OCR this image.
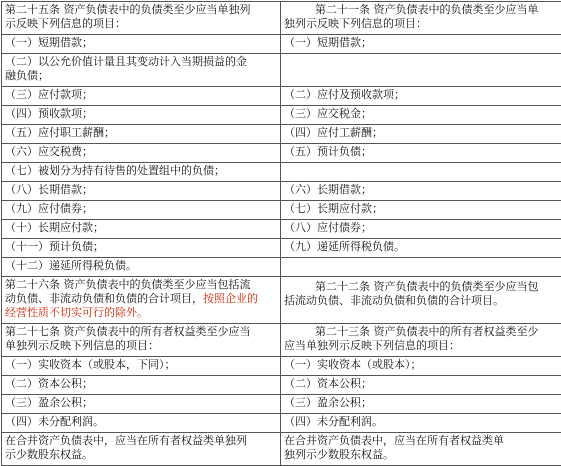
第二十五条 资产负债表中的负债类至少应当单独列
示反映下列信息的项目：	第二十一条 资产负债表中的负债类至少应当单
独列示反映下列信息的项目：

（一）短期借款；	（一）短期借款；

（二）以公允价值计量且其变动计入当期损益的金
融负债；	

（三）应付款项；	（二）应付及预收款项；

（四）预收款项；	（三）应交税金；

（五）应付职工薪酬；	（四）应付工薪酬；

（六）应交税费；	（五）预计负债；

（七）被划分为持有待售的处置组中的负债；	

（八）长期借款；	（六）长期借款；

（九）应付债券；	（七）长期应付款；

（十）长期应付款；	（八）应付债券；

（十一）预计负债；	（九）递延所得税负债。

（十二）递延所得税负债。	

第二十六条 资产负债表中的负债类至少应当包括流
动负债、非流动负债和负债的合计项目，按照企业的
经营性质不切实可行的除外。	第二十二条 资产负债表中的负债类至少应当包
括流动负债、非流动负债和负债的合计项目。

第二十七条 资产负债表中的所有者权益类至少应当
单独列示反映下列信息的项目：	第二十三条 资产负债表中的所有者权益类至少
应当单独列示反映下列信息的项目：

（一）实收资本（或股本，下同）；	（一）实收资本（或股本）；

（二）资本公积；	（二）资本公积；

（三）盈余公积；	（三）盈余公积；

（四）未分配利润。	（四）未分配利润。

在合并资产负债表中，应当在所有者权益类单独列
示少数股东权益。	在合并资产负债表中，应当在所有者权益类单
独列示少数股东权益。
